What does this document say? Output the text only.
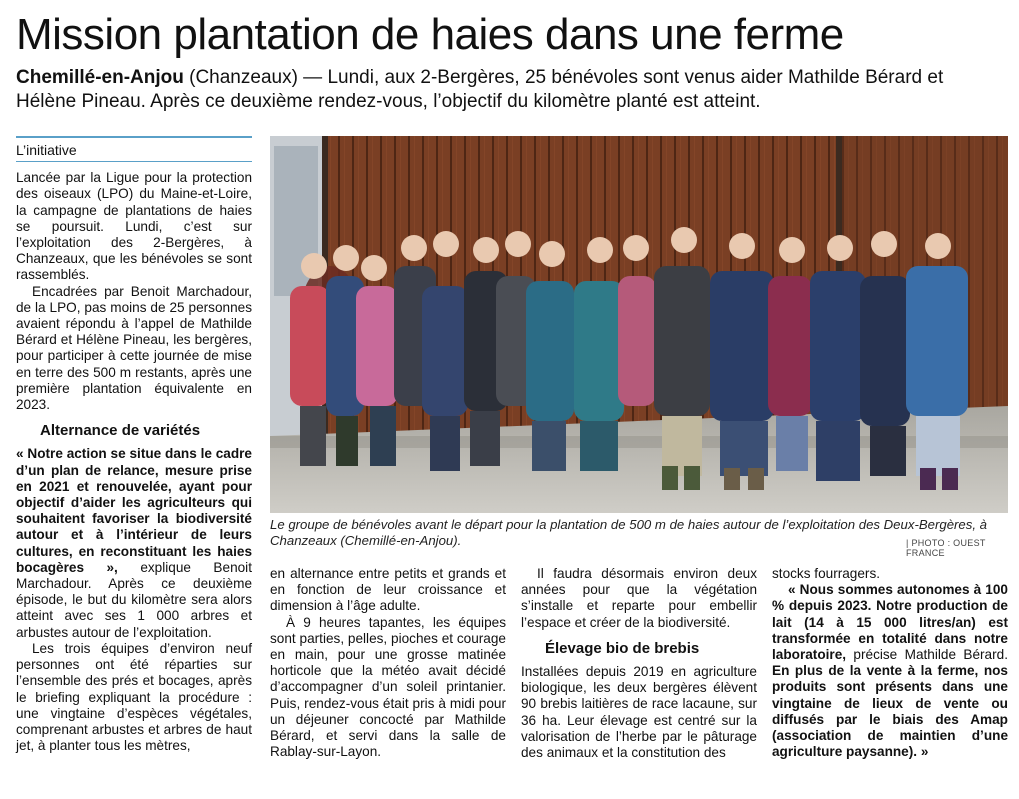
Mission plantation de haies dans une ferme
Chemillé-en-Anjou (Chanzeaux) — Lundi, aux 2-Bergères, 25 bénévoles sont venus aider Mathilde Bérard et Hélène Pineau. Après ce deuxième rendez-vous, l’objectif du kilomètre planté est atteint.
L’initiative

Lancée par la Ligue pour la protection des oiseaux (LPO) du Maine-et-Loire, la campagne de plantations de haies se poursuit. Lundi, c’est sur l’exploitation des 2-Bergères, à Chanzeaux, que les bénévoles se sont rassemblés.

Encadrées par Benoit Marchadour, de la LPO, pas moins de 25 personnes avaient répondu à l’appel de Mathilde Bérard et Hélène Pineau, les bergères, pour participer à cette journée de mise en terre des 500 m restants, après une première plantation équivalente en 2023.

Alternance de variétés

« Notre action se situe dans le cadre d’un plan de relance, mesure prise en 2021 et renouvelée, ayant pour objectif d’aider les agriculteurs qui souhaitent favoriser la biodiversité autour et à l’intérieur de leurs cultures, en reconstituant les haies bocagères », explique Benoit Marchadour. Après ce deuxième épisode, le but du kilomètre sera alors atteint avec ses 1 000 arbres et arbustes autour de l’exploitation.

Les trois équipes d’environ neuf personnes ont été réparties sur l’ensemble des prés et bocages, après le briefing expliquant la procédure : une vingtaine d’espèces végétales, comprenant arbustes et arbres de haut jet, à planter tous les mètres,

Le groupe de bénévoles avant le départ pour la plantation de 500 m de haies autour de l’exploitation des Deux-Bergères, à Chanzeaux (Chemillé-en-Anjou).	| PHOTO : OUEST FRANCE

en alternance entre petits et grands et en fonction de leur croissance et dimension à l’âge adulte.

À 9 heures tapantes, les équipes sont parties, pelles, pioches et courage en main, pour une grosse matinée horticole que la météo avait décidé d’accompagner d’un soleil printanier. Puis, rendez-vous était pris à midi pour un déjeuner concocté par Mathilde Bérard, et servi dans la salle de Rablay-sur-Layon.

Il faudra désormais environ deux années pour que la végétation s’installe et reparte pour embellir l’espace et créer de la biodiversité.

Élevage bio de brebis

Installées depuis 2019 en agriculture biologique, les deux bergères élèvent 90 brebis laitières de race lacaune, sur 36 ha. Leur élevage est centré sur la valorisation de l’herbe par le pâturage des animaux et la constitution des

stocks fourragers.

« Nous sommes autonomes à 100 % depuis 2023. Notre production de lait (14 à 15 000 litres/an) est transformée en totalité dans notre laboratoire, précise Mathilde Bérard. En plus de la vente à la ferme, nos produits sont présents dans une vingtaine de lieux de vente ou diffusés par le biais des Amap (association de maintien d’une agriculture paysanne). »
